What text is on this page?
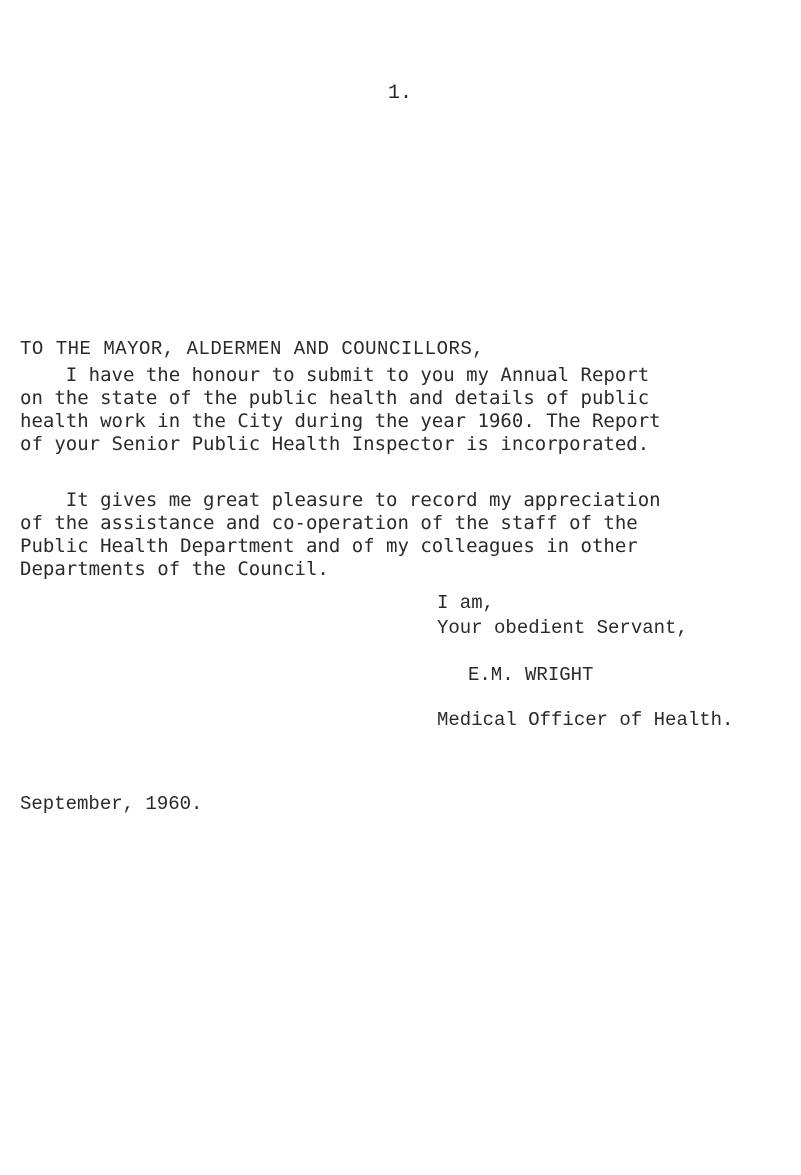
1.
TO THE MAYOR, ALDERMEN AND COUNCILLORS,
I have the honour to submit to you my Annual Report
on the state of the public health and details of public
health work in the City during the year 1960. The Report
of your Senior Public Health Inspector is incorporated.
It gives me great pleasure to record my appreciation
of the assistance and co-operation of the staff of the
Public Health Department and of my colleagues in other
Departments of the Council.
I am,
Your obedient Servant,
E.M. WRIGHT
Medical Officer of Health.
September, 1960.
